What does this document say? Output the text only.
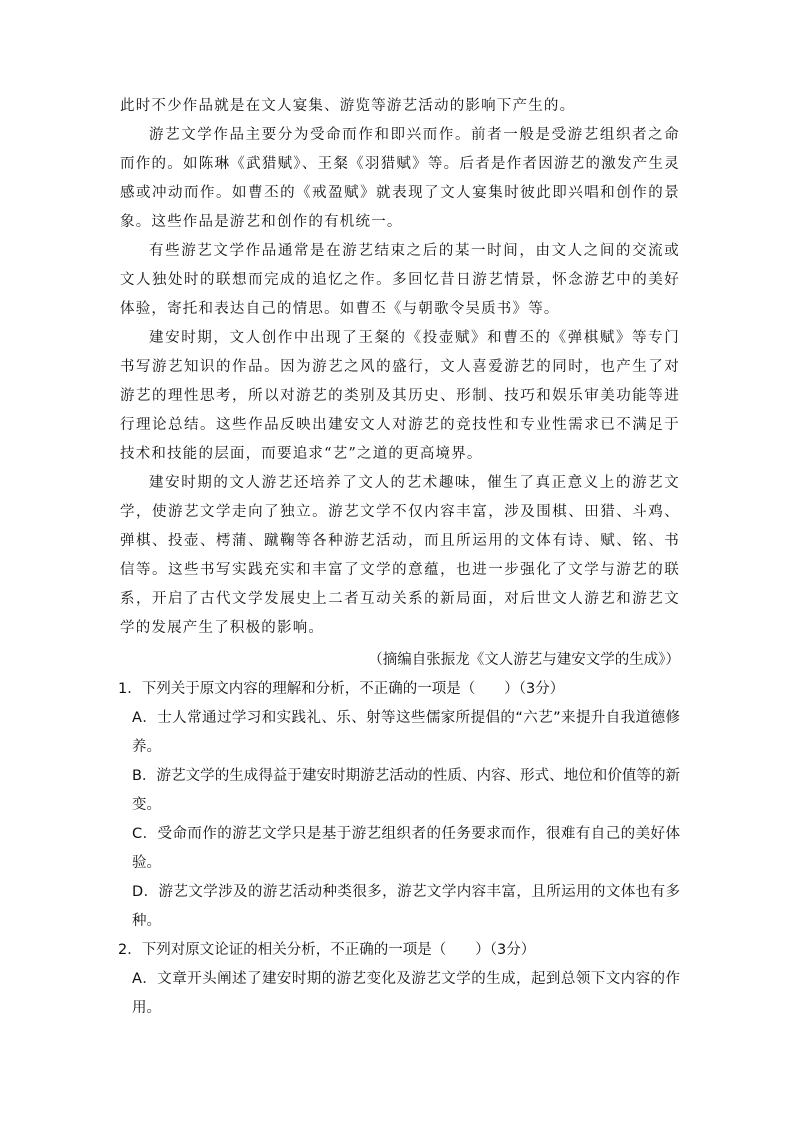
此时不少作品就是在文人宴集、游览等游艺活动的影响下产生的。

游艺文学作品主要分为受命而作和即兴而作。前者一般是受游艺组织者之命而作的。如陈琳《武猎赋》、王粲《羽猎赋》等。后者是作者因游艺的激发产生灵感或冲动而作。如曹丕的《戒盈赋》就表现了文人宴集时彼此即兴唱和创作的景象。这些作品是游艺和创作的有机统一。

有些游艺文学作品通常是在游艺结束之后的某一时间，由文人之间的交流或文人独处时的联想而完成的追忆之作。多回忆昔日游艺情景，怀念游艺中的美好体验，寄托和表达自己的情思。如曹丕《与朝歌令吴质书》等。

建安时期，文人创作中出现了王粲的《投壶赋》和曹丕的《弹棋赋》等专门书写游艺知识的作品。因为游艺之风的盛行，文人喜爱游艺的同时，也产生了对游艺的理性思考，所以对游艺的类别及其历史、形制、技巧和娱乐审美功能等进行理论总结。这些作品反映出建安文人对游艺的竞技性和专业性需求已不满足于技术和技能的层面，而要追求“艺”之道的更高境界。

建安时期的文人游艺还培养了文人的艺术趣味，催生了真正意义上的游艺文学，使游艺文学走向了独立。游艺文学不仅内容丰富，涉及围棋、田猎、斗鸡、弹棋、投壶、樗蒲、蹴鞠等各种游艺活动，而且所运用的文体有诗、赋、铭、书信等。这些书写实践充实和丰富了文学的意蕴，也进一步强化了文学与游艺的联系，开启了古代文学发展史上二者互动关系的新局面，对后世文人游艺和游艺文学的发展产生了积极的影响。

（摘编自张振龙《文人游艺与建安文学的生成》）

1．下列关于原文内容的理解和分析，不正确的一项是（　　）（3分）

A．士人常通过学习和实践礼、乐、射等这些儒家所提倡的“六艺”来提升自我道德修养。

B．游艺文学的生成得益于建安时期游艺活动的性质、内容、形式、地位和价值等的新变。

C．受命而作的游艺文学只是基于游艺组织者的任务要求而作，很难有自己的美好体验。

D．游艺文学涉及的游艺活动种类很多，游艺文学内容丰富，且所运用的文体也有多种。

2．下列对原文论证的相关分析，不正确的一项是（　　）（3分）

A．文章开头阐述了建安时期的游艺变化及游艺文学的生成，起到总领下文内容的作用。
